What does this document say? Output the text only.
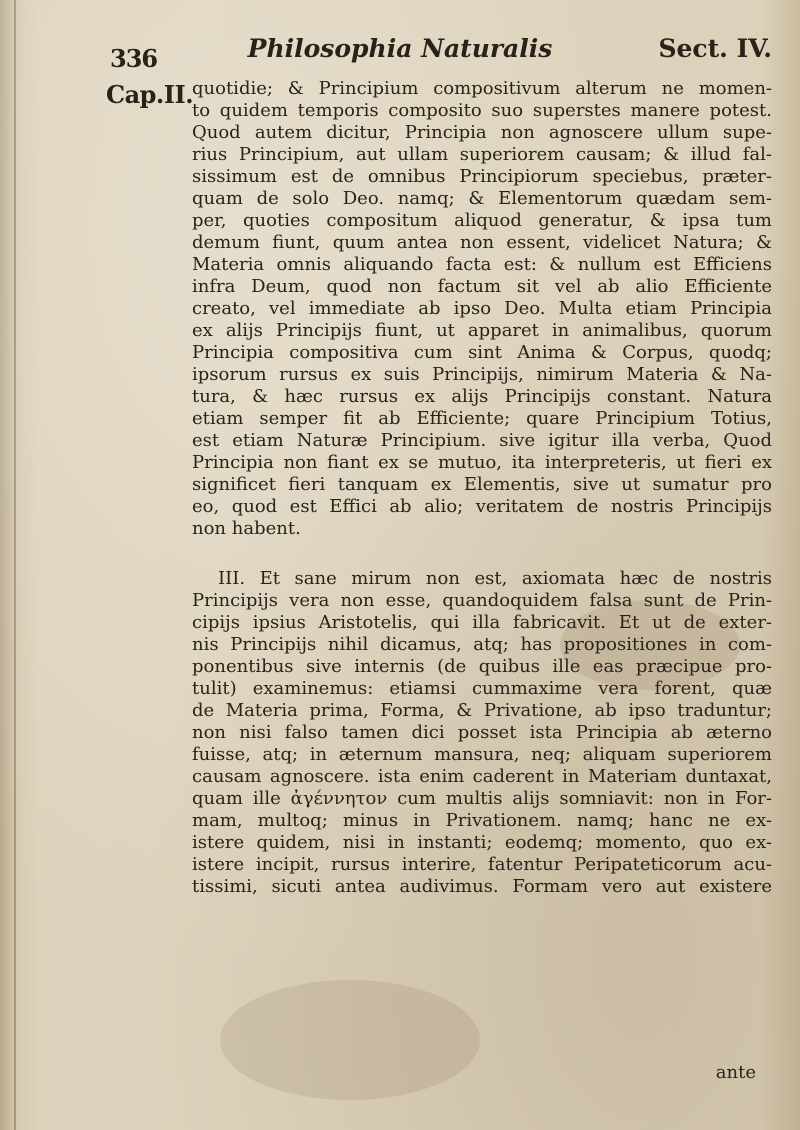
336	Philosophia Naturalis	Sect. IV.
Cap.II.
quotidie; & Principium compositivum alterum ne momen-
to quidem temporis composito suo superstes manere potest.
Quod autem dicitur, Principia non agnoscere ullum supe-
rius Principium, aut ullam superiorem causam; & illud fal-
sissimum est de omnibus Principiorum speciebus, præter-
quam de solo Deo. namq; & Elementorum quædam sem-
per, quoties compositum aliquod generatur, & ipsa tum
demum fiunt, quum antea non essent, videlicet Natura; &
Materia omnis aliquando facta est: & nullum est Efficiens
infra Deum, quod non factum sit vel ab alio Efficiente
creato, vel immediate ab ipso Deo. Multa etiam Principia
ex alijs Principijs fiunt, ut apparet in animalibus, quorum
Principia compositiva cum sint Anima & Corpus, quodq;
ipsorum rursus ex suis Principijs, nimirum Materia & Na-
tura, & hæc rursus ex alijs Principijs constant. Natura
etiam semper fit ab Efficiente; quare Principium Totius,
est etiam Naturæ Principium. sive igitur illa verba, Quod
Principia non fiant ex se mutuo, ita interpreteris, ut fieri ex
significet fieri tanquam ex Elementis, sive ut sumatur pro
eo, quod est Effici ab alio; veritatem de nostris Principijs
non habent.
III. Et sane mirum non est, axiomata hæc de nostris
Principijs vera non esse, quandoquidem falsa sunt de Prin-
cipijs ipsius Aristotelis, qui illa fabricavit. Et ut de exter-
nis Principijs nihil dicamus, atq; has propositiones in com-
ponentibus sive internis (de quibus ille eas præcipue pro-
tulit) examinemus: etiamsi cummaxime vera forent, quæ
de Materia prima, Forma, & Privatione, ab ipso traduntur;
non nisi falso tamen dici posset ista Principia ab æterno
fuisse, atq; in æternum mansura, neq; aliquam superiorem
causam agnoscere. ista enim caderent in Materiam duntaxat,
quam ille ἀγέννητον cum multis alijs somniavit: non in For-
mam, multoq; minus in Privationem. namq; hanc ne ex-
istere quidem, nisi in instanti; eodemq; momento, quo ex-
istere incipit, rursus interire, fatentur Peripateticorum acu-
tissimi, sicuti antea audivimus. Formam vero aut existere
ante
